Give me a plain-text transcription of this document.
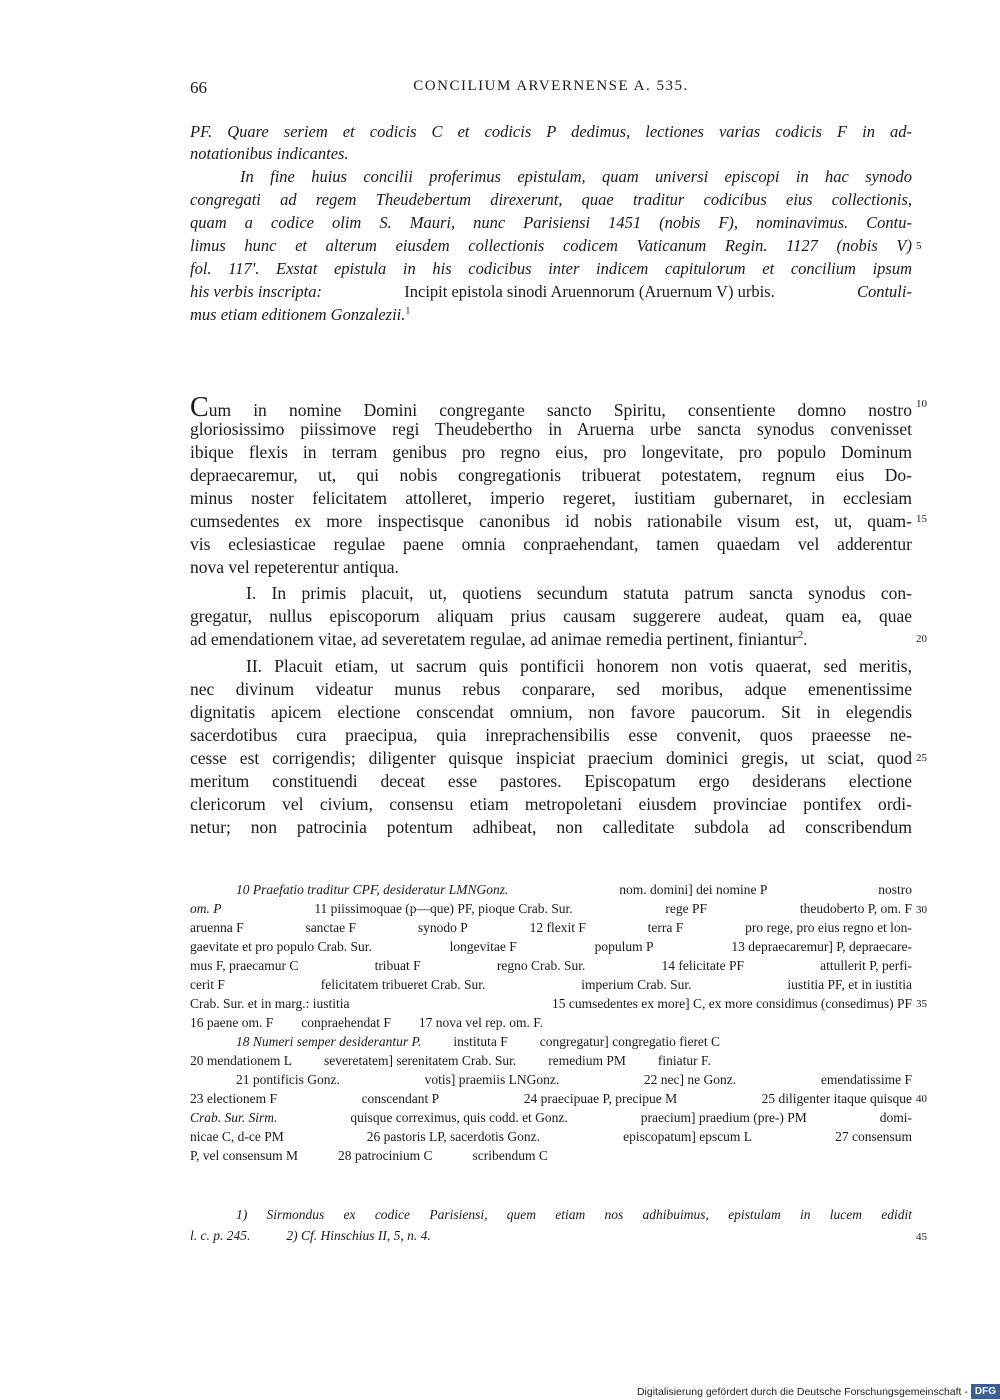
66	CONCILIUM ARVERNENSE A. 535.
PF. Quare seriem et codicis C et codicis P dedimus, lectiones varias codicis F in ad-
notationibus indicantes.
In fine huius concilii proferimus epistulam, quam universi episcopi in hac synodo
congregati ad regem Theudebertum direxerunt, quae traditur codicibus eius collectionis,
quam a codice olim S. Mauri, nunc Parisiensi 1451 (nobis F), nominavimus. Contu-
limus hunc et alterum eiusdem collectionis codicem Vaticanum Regin. 1127 (nobis V)
fol. 117'. Exstat epistula in his codicibus inter indicem capitulorum et concilium ipsum
his verbis inscripta:	Incipit epistola sinodi Aruennorum (Aruernum V) urbis.	Contuli-
mus etiam editionem Gonzalezii.$^1$
C um in nomine Domini congregante sancto Spiritu, consentiente domno nostro
gloriosissimo piissimove regi Theudebertho in Aruerna urbe sancta synodus convenisset
ibique flexis in terram genibus pro regno eius, pro longevitate, pro populo Dominum
depraecaremur, ut, qui nobis congregationis tribuerat potestatem, regnum eius Do-
minus noster felicitatem attolleret, imperio regeret, iustitiam gubernaret, in ecclesiam
cumsedentes ex more inspectisque canonibus id nobis rationabile visum est, ut, quam-
vis eclesiasticae regulae paene omnia conpraehendant, tamen quaedam vel adderentur
nova vel repeterentur antiqua.
I. In primis placuit, ut, quotiens secundum statuta patrum sancta synodus con-
gregatur, nullus episcoporum aliquam prius causam suggerere audeat, quam ea, quae
ad emendationem vitae, ad severetatem regulae, ad animae remedia pertinent, finiantur$^2$.
II. Placuit etiam, ut sacrum quis pontificii honorem non votis quaerat, sed meritis,
nec divinum videatur munus rebus conparare, sed moribus, adque emenentissime
dignitatis apicem electione conscendat omnium, non favore paucorum. Sit in elegendis
sacerdotibus cura praecipua, quia inreprachensibilis esse convenit, quos praeesse ne-
cesse est corrigendis; diligenter quisque inspiciat praecium dominici gregis, ut sciat, quod
meritum constituendi deceat esse pastores. Episcopatum ergo desiderans electione
clericorum vel civium, consensu etiam metropoletani eiusdem provinciae pontifex ordi-
netur; non patrocinia potentum adhibeat, non calleditate subdola ad conscribendum
10 Praefatio traditur CPF, desideratur LMNGonz.	nom. domini] dei nomine P	nostro
om. P	11 piissimoquae (p—que) PF, pioque Crab. Sur.	rege PF	theudoberto P, om. F
aruenna F	sanctae F	synodo P	12 flexit F	terra F	pro rege, pro eius regno et lon-
gaevitate et pro populo Crab. Sur.	longevitae F	populum P	13 depraecaremur] P, depraecare-
mus F, praecamur C	tribuat F	regno Crab. Sur.	14 felicitate PF	attullerit P, perfi-
cerit F	felicitatem tribueret Crab. Sur.	imperium Crab. Sur.	iustitia PF, et in iustitia
Crab. Sur. et in marg.: iustitia	15 cumsedentes ex more] C, ex more considimus (consedimus) PF
16 paene om. F conpraehendat F 17 nova vel rep. om. F.
18 Numeri semper desiderantur P. instituta F congregatur] congregatio fieret C
20 mendationem L severetatem] serenitatem Crab. Sur. remedium PM finiatur F.
21 pontificis Gonz.	votis] praemiis LNGonz.	22 nec] ne Gonz.	emendatissime F
23 electionem F	conscendant P	24 praecipuae P, precipue M	25 diligenter itaque quisque
Crab. Sur. Sirm.	quisque correximus, quis codd. et Gonz.	praecium] praedium (pre-) PM	domi-
nicae C, d-ce PM	26 pastoris LP, sacerdotis Gonz.	episcopatum] epscum L	27 consensum
P, vel consensum M	28 patrocinium C	scribendum C
1) Sirmondus ex codice Parisiensi, quem etiam nos adhibuimus, epistulam in lucem edidit
l. c. p. 245.	2) Cf. Hinschius II, 5, n. 4.
5
10
15
20
25
30
35
40
45
Digitalisierung gefördert durch die Deutsche Forschungsgemeinschaft - DFG
